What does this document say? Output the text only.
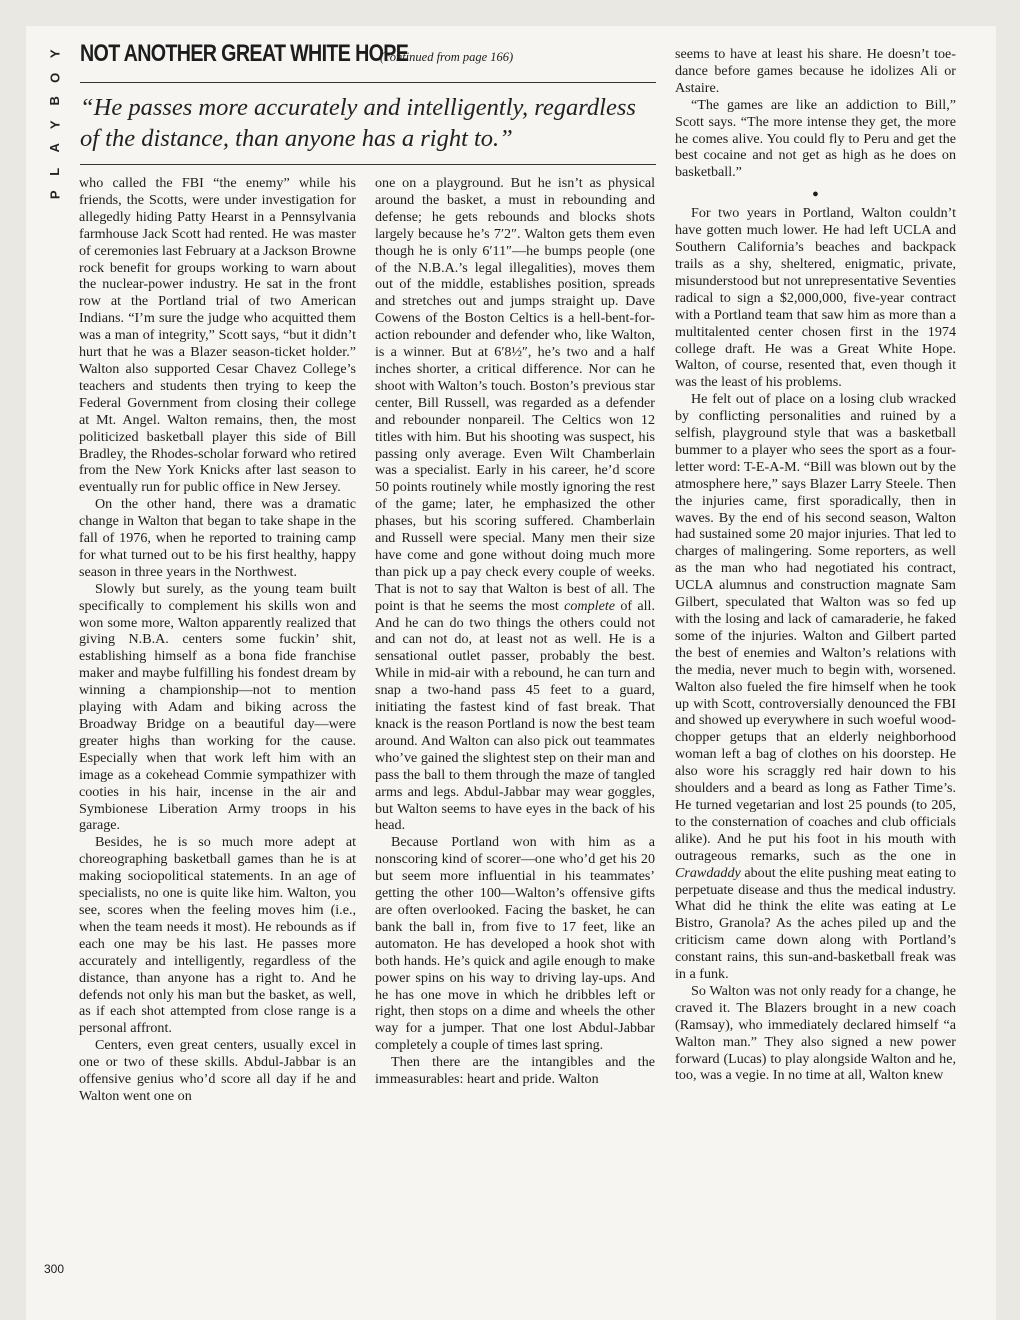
Y
O
B
Y
A
L
P
NOT ANOTHER GREAT WHITE HOPE
(continued from page 166)
“He passes more accurately and intelligently, regardless of the distance, than anyone has a right to.”

who called the FBI “the enemy” while his friends, the Scotts, were under investigation for allegedly hiding Patty Hearst in a Pennsylvania farmhouse Jack Scott had rented. He was master of ceremonies last February at a Jackson Browne rock benefit for groups working to warn about the nuclear-power industry. He sat in the front row at the Portland trial of two American Indians. “I’m sure the judge who acquitted them was a man of integrity,” Scott says, “but it didn’t hurt that he was a Blazer season-ticket holder.” Walton also supported Cesar Chavez College’s teachers and students then trying to keep the Federal Government from closing their college at Mt. Angel. Walton remains, then, the most politicized basketball player this side of Bill Bradley, the Rhodes-scholar forward who retired from the New York Knicks after last season to eventually run for public office in New Jersey.

On the other hand, there was a dramatic change in Walton that began to take shape in the fall of 1976, when he reported to training camp for what turned out to be his first healthy, happy season in three years in the Northwest.

Slowly but surely, as the young team built specifically to complement his skills won and won some more, Walton apparently realized that giving N.B.A. centers some fuckin’ shit, establishing himself as a bona fide franchise maker and maybe fulfilling his fondest dream by winning a championship—not to mention playing with Adam and biking across the Broadway Bridge on a beautiful day—were greater highs than working for the cause. Especially when that work left him with an image as a cokehead Commie sympathizer with cooties in his hair, incense in the air and Symbionese Liberation Army troops in his garage.

Besides, he is so much more adept at choreographing basketball games than he is at making sociopolitical statements. In an age of specialists, no one is quite like him. Walton, you see, scores when the feeling moves him (i.e., when the team needs it most). He rebounds as if each one may be his last. He passes more accurately and intelligently, regardless of the distance, than anyone has a right to. And he defends not only his man but the basket, as well, as if each shot attempted from close range is a personal affront.

Centers, even great centers, usually excel in one or two of these skills. Abdul-Jabbar is an offensive genius who’d score all day if he and Walton went one on

one on a playground. But he isn’t as physical around the basket, a must in rebounding and defense; he gets rebounds and blocks shots largely because he’s 7′2″. Walton gets them even though he is only 6′11″—he bumps people (one of the N.B.A.’s legal illegalities), moves them out of the middle, establishes position, spreads and stretches out and jumps straight up. Dave Cowens of the Boston Celtics is a hell-bent-for-action rebounder and defender who, like Walton, is a winner. But at 6′8½″, he’s two and a half inches shorter, a critical difference. Nor can he shoot with Walton’s touch. Boston’s previous star center, Bill Russell, was regarded as a defender and rebounder nonpareil. The Celtics won 12 titles with him. But his shooting was suspect, his passing only average. Even Wilt Chamberlain was a specialist. Early in his career, he’d score 50 points routinely while mostly ignoring the rest of the game; later, he emphasized the other phases, but his scoring suffered. Chamberlain and Russell were special. Many men their size have come and gone without doing much more than pick up a pay check every couple of weeks. That is not to say that Walton is best of all. The point is that he seems the most complete of all. And he can do two things the others could not and can not do, at least not as well. He is a sensational outlet passer, probably the best. While in mid-air with a rebound, he can turn and snap a two-hand pass 45 feet to a guard, initiating the fastest kind of fast break. That knack is the reason Portland is now the best team around. And Walton can also pick out teammates who’ve gained the slightest step on their man and pass the ball to them through the maze of tangled arms and legs. Abdul-Jabbar may wear goggles, but Walton seems to have eyes in the back of his head.

Because Portland won with him as a nonscoring kind of scorer—one who’d get his 20 but seem more influential in his teammates’ getting the other 100—Walton’s offensive gifts are often overlooked. Facing the basket, he can bank the ball in, from five to 17 feet, like an automaton. He has developed a hook shot with both hands. He’s quick and agile enough to make power spins on his way to driving lay-ups. And he has one move in which he dribbles left or right, then stops on a dime and wheels the other way for a jumper. That one lost Abdul-Jabbar completely a couple of times last spring.

Then there are the intangibles and the immeasurables: heart and pride. Walton

seems to have at least his share. He doesn’t toe-dance before games because he idolizes Ali or Astaire.

“The games are like an addiction to Bill,” Scott says. “The more intense they get, the more he comes alive. You could fly to Peru and get the best cocaine and not get as high as he does on basketball.”

●

For two years in Portland, Walton couldn’t have gotten much lower. He had left UCLA and Southern California’s beaches and backpack trails as a shy, sheltered, enigmatic, private, misunderstood but not unrepresentative Seventies radical to sign a $2,000,000, five-year contract with a Portland team that saw him as more than a multitalented center chosen first in the 1974 college draft. He was a Great White Hope. Walton, of course, resented that, even though it was the least of his problems.

He felt out of place on a losing club wracked by conflicting personalities and ruined by a selfish, playground style that was a basketball bummer to a player who sees the sport as a four-letter word: T-E-A-M. “Bill was blown out by the atmosphere here,” says Blazer Larry Steele. Then the injuries came, first sporadically, then in waves. By the end of his second season, Walton had sustained some 20 major injuries. That led to charges of malingering. Some reporters, as well as the man who had negotiated his contract, UCLA alumnus and construction magnate Sam Gilbert, speculated that Walton was so fed up with the losing and lack of camaraderie, he faked some of the injuries. Walton and Gilbert parted the best of enemies and Walton’s relations with the media, never much to begin with, worsened. Walton also fueled the fire himself when he took up with Scott, controversially denounced the FBI and showed up everywhere in such woeful wood-chopper getups that an elderly neighborhood woman left a bag of clothes on his doorstep. He also wore his scraggly red hair down to his shoulders and a beard as long as Father Time’s. He turned vegetarian and lost 25 pounds (to 205, to the consternation of coaches and club officials alike). And he put his foot in his mouth with outrageous remarks, such as the one in Crawdaddy about the elite pushing meat eating to perpetuate disease and thus the medical industry. What did he think the elite was eating at Le Bistro, Granola? As the aches piled up and the criticism came down along with Portland’s constant rains, this sun-and-basketball freak was in a funk.

So Walton was not only ready for a change, he craved it. The Blazers brought in a new coach (Ramsay), who immediately declared himself “a Walton man.” They also signed a new power forward (Lucas) to play alongside Walton and he, too, was a vegie. In no time at all, Walton knew

300
